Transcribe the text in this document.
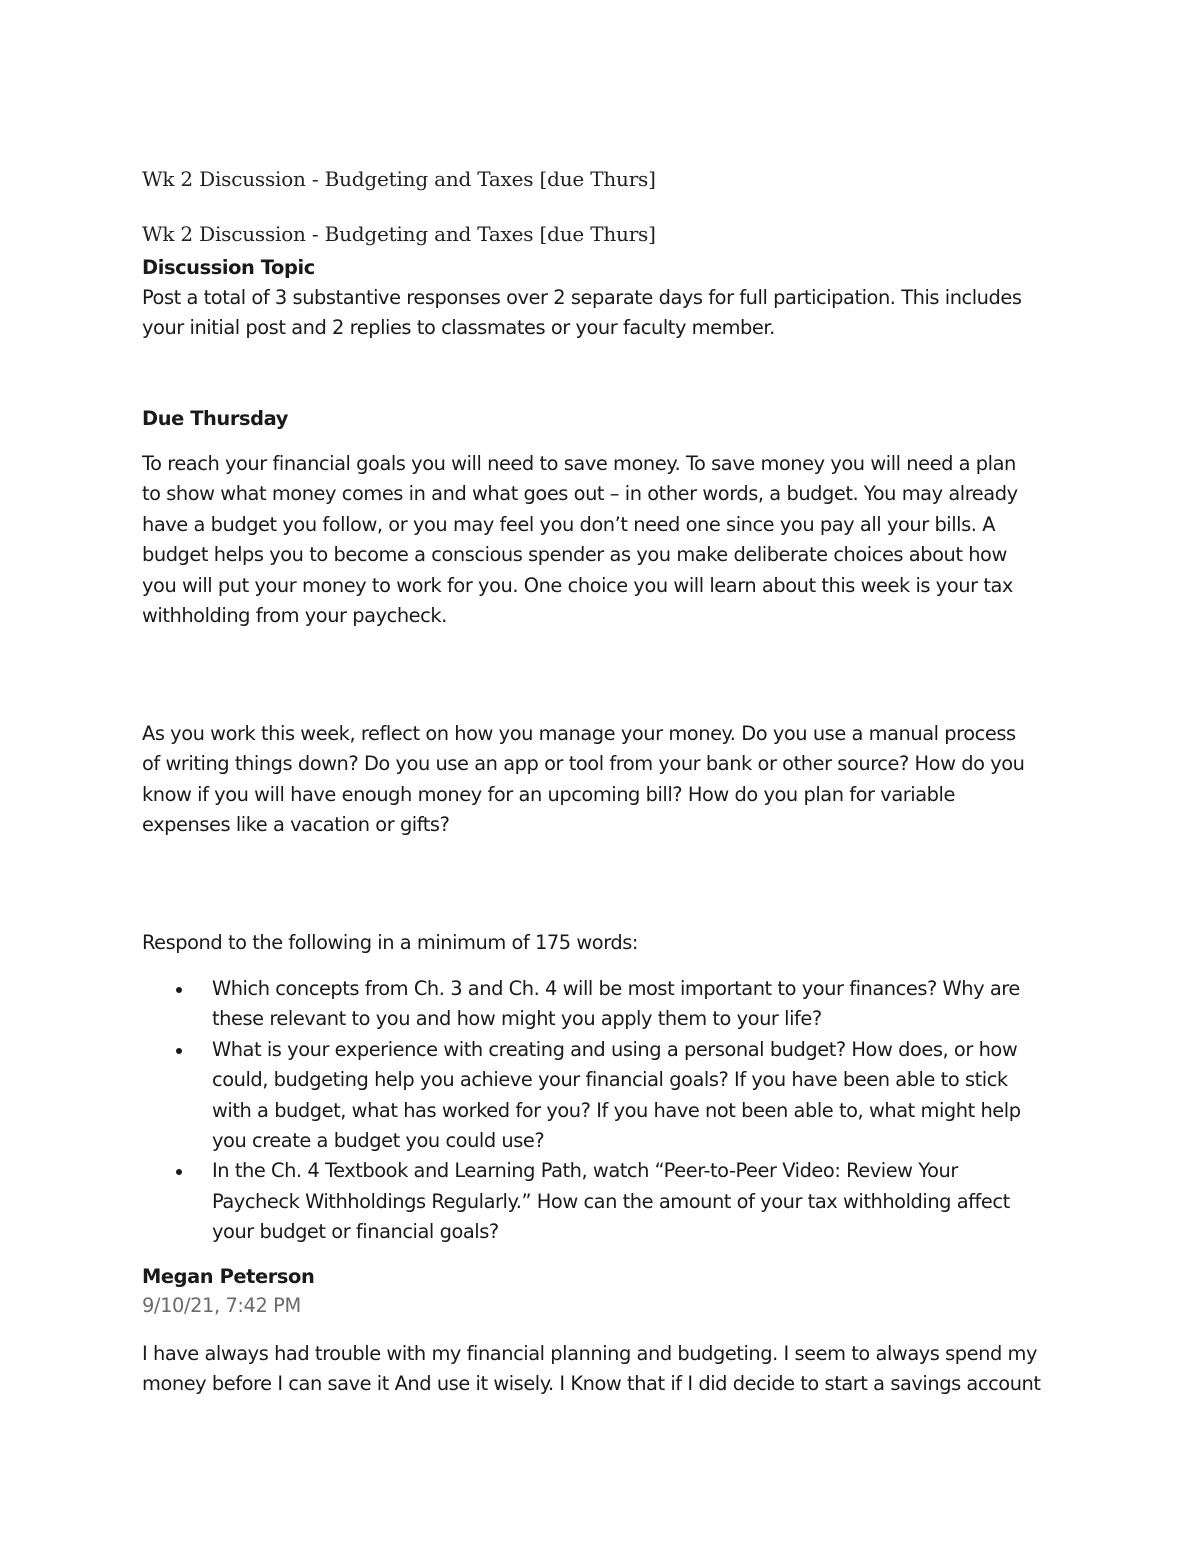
Wk 2 Discussion - Budgeting and Taxes [due Thurs]
Wk 2 Discussion - Budgeting and Taxes [due Thurs]
Discussion Topic
Post a total of 3 substantive responses over 2 separate days for full participation. This includes
your initial post and 2 replies to classmates or your faculty member.
Due Thursday
To reach your financial goals you will need to save money. To save money you will need a plan
to show what money comes in and what goes out – in other words, a budget. You may already
have a budget you follow, or you may feel you don’t need one since you pay all your bills. A
budget helps you to become a conscious spender as you make deliberate choices about how
you will put your money to work for you. One choice you will learn about this week is your tax
withholding from your paycheck.
As you work this week, reflect on how you manage your money. Do you use a manual process
of writing things down? Do you use an app or tool from your bank or other source? How do you
know if you will have enough money for an upcoming bill? How do you plan for variable
expenses like a vacation or gifts?
Respond to the following in a minimum of 175 words:
Which concepts from Ch. 3 and Ch. 4 will be most important to your finances? Why are
these relevant to you and how might you apply them to your life?
What is your experience with creating and using a personal budget? How does, or how
could, budgeting help you achieve your financial goals? If you have been able to stick
with a budget, what has worked for you? If you have not been able to, what might help
you create a budget you could use?
In the Ch. 4 Textbook and Learning Path, watch “Peer-to-Peer Video: Review Your
Paycheck Withholdings Regularly.” How can the amount of your tax withholding affect
your budget or financial goals?
Megan Peterson
9/10/21, 7:42 PM
I have always had trouble with my financial planning and budgeting. I seem to always spend my
money before I can save it And use it wisely. I Know that if I did decide to start a savings account
